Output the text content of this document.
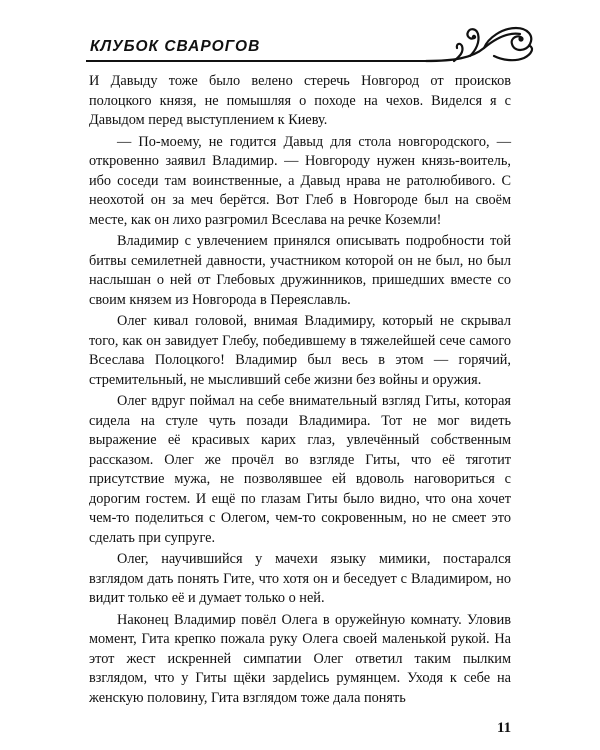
КЛУБОК СВАРОГОВ

И Давыду тоже было велено стеречь Новгород от происков полоцкого князя, не помышляя о походе на чехов. Виделся я с Давыдом перед выступлением к Киеву.

— По-моему, не годится Давыд для стола новгородского, — откровенно заявил Владимир. — Новгороду нужен князь-воитель, ибо соседи там воинственные, а Давыд нрава не ратолюбивого. С неохотой он за меч берётся. Вот Глеб в Новгороде был на своём месте, как он лихо разгромил Всеслава на речке Коземли!

Владимир с увлечением принялся описывать подробности той битвы семилетней давности, участником которой он не был, но был наслышан о ней от Глебовых дружинников, пришедших вместе со своим князем из Новгорода в Переяславль.

Олег кивал головой, внимая Владимиру, который не скрывал того, как он завидует Глебу, победившему в тяжелейшей сече самого Всеслава Полоцкого! Владимир был весь в этом — горячий, стремительный, не мысливший себе жизни без войны и оружия.

Олег вдруг поймал на себе внимательный взгляд Гиты, которая сидела на стуле чуть позади Владимира. Тот не мог видеть выражение её красивых карих глаз, увлечённый собственным рассказом. Олег же прочёл во взгляде Гиты, что её тяготит присутствие мужа, не позволявшее ей вдоволь наговориться с дорогим гостем. И ещё по глазам Гиты было видно, что она хочет чем-то поделиться с Олегом, чем-то сокровенным, но не смеет это сделать при супруге.

Олег, научившийся у мачехи языку мимики, постарался взглядом дать понять Гите, что хотя он и беседует с Владимиром, но видит только её и думает только о ней.

Наконец Владимир повёл Олега в оружейную комнату. Уловив момент, Гита крепко пожала руку Олега своей маленькой рукой. На этот жест искренней симпатии Олег ответил таким пылким взглядом, что у Гиты щёки зардelись румянцем. Уходя к себе на женскую половину, Гита взглядом тоже дала понять

11
